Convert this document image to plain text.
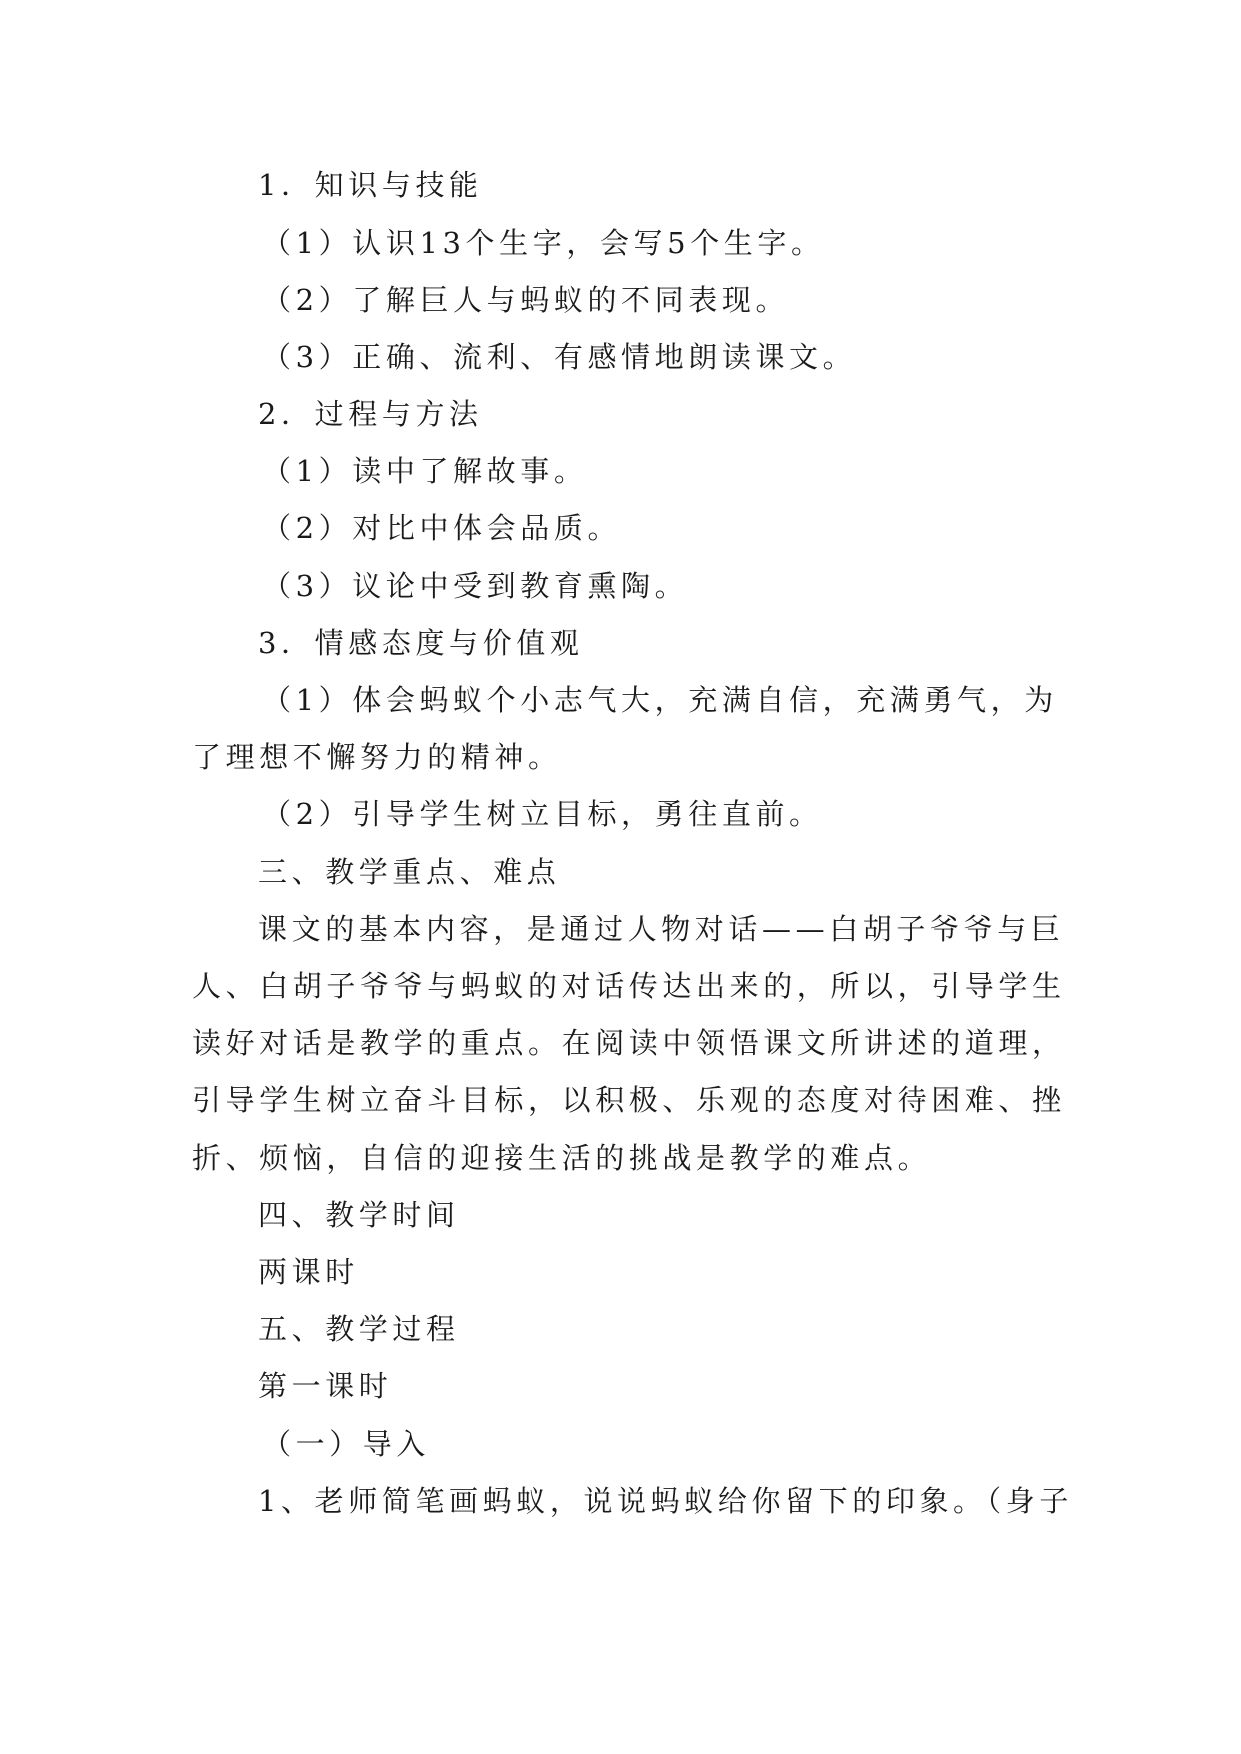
1．知识与技能
（1）认识13个生字，会写5个生字。
（2）了解巨人与蚂蚁的不同表现。
（3）正确、流利、有感情地朗读课文。
2．过程与方法
（1）读中了解故事。
（2）对比中体会品质。
（3）议论中受到教育熏陶。
3．情感态度与价值观
（1）体会蚂蚁个小志气大，充满自信，充满勇气，为
了理想不懈努力的精神。
（2）引导学生树立目标，勇往直前。
三、教学重点、难点
课文的基本内容，是通过人物对话——白胡子爷爷与巨
人、白胡子爷爷与蚂蚁的对话传达出来的，所以，引导学生
读好对话是教学的重点。在阅读中领悟课文所讲述的道理，
引导学生树立奋斗目标，以积极、乐观的态度对待困难、挫
折、烦恼，自信的迎接生活的挑战是教学的难点。
四、教学时间
两课时
五、教学过程
第一课时
（一）导入
1、老师简笔画蚂蚁，说说蚂蚁给你留下的印象。（身子
